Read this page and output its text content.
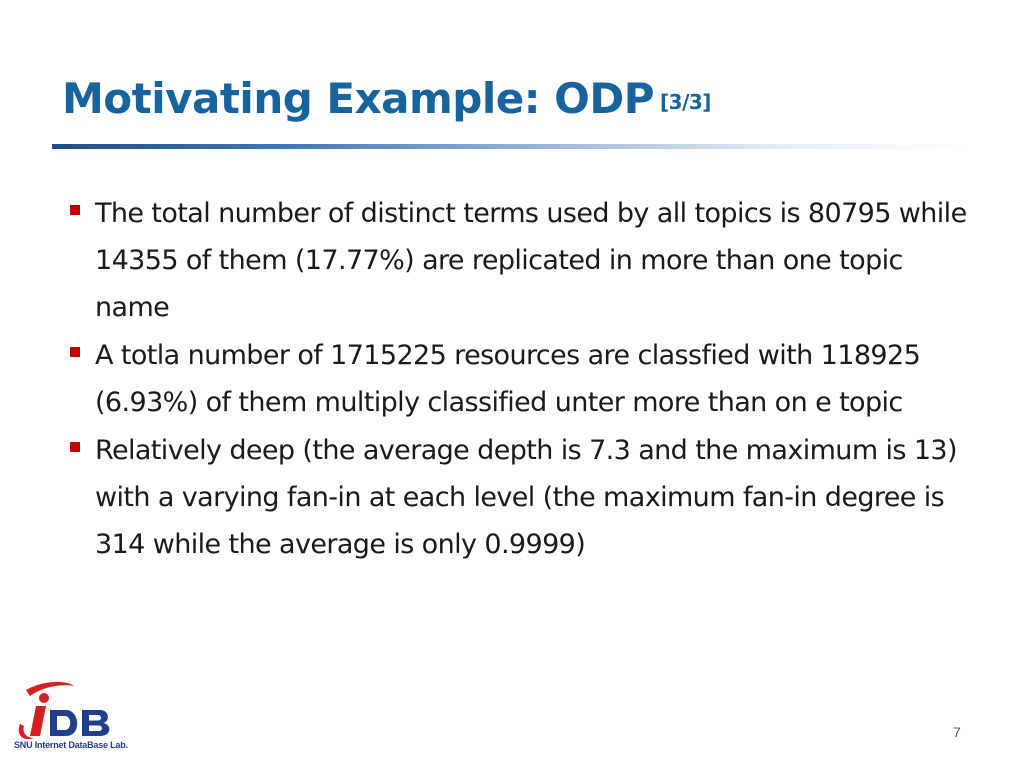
Motivating Example: ODP [3/3]
The total number of distinct terms used by all topics is 80795 while 14355 of them (17.77%) are replicated in more than one topic name
A totla number of 1715225 resources are classfied with 118925 (6.93%) of them multiply classified unter more than on e topic
Relatively deep (the average depth is 7.3 and the maximum is 13) with a varying fan-in at each level (the maximum fan-in degree is 314 while the average is only 0.9999)
SNU Internet DataBase Lab.
7
